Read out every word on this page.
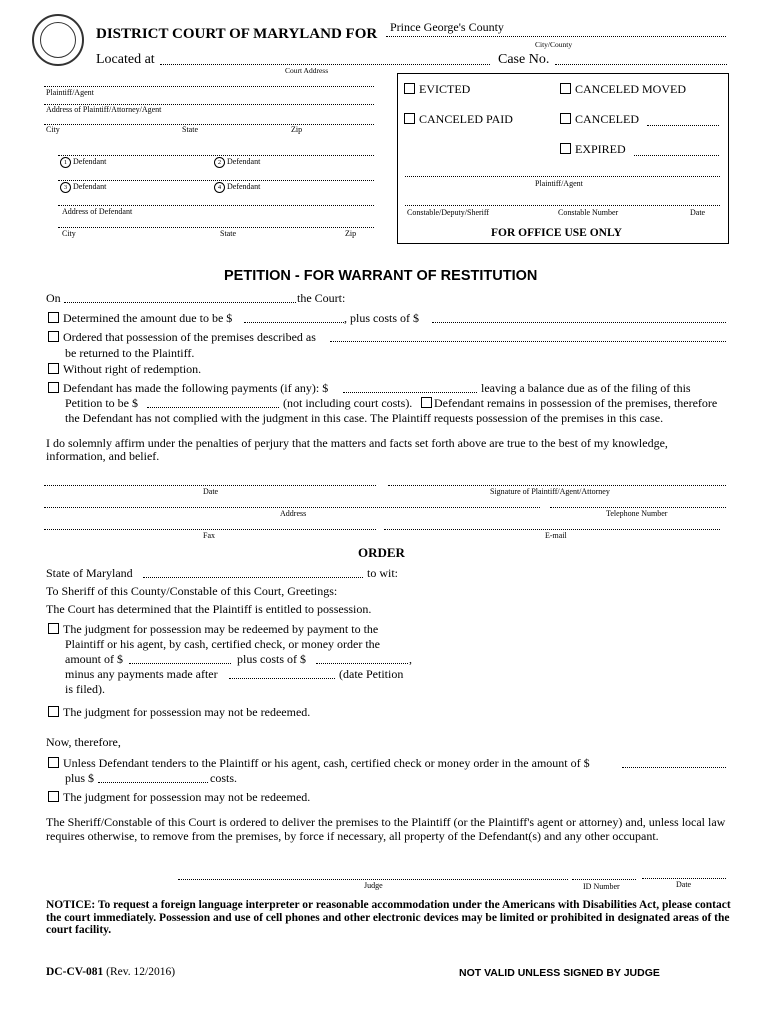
DISTRICT COURT OF MARYLAND FOR Prince George's County
City/County
Located at
Court Address
Case No.
Plaintiff/Agent
Address of Plaintiff/Attorney/Agent
City	State	Zip
1 Defendant	2 Defendant
3 Defendant	4 Defendant
Address of Defendant
City	State	Zip
EVICTED	CANCELED MOVED
CANCELED PAID	CANCELED
EXPIRED
Plaintiff/Agent
Constable/Deputy/Sheriff	Constable Number	Date
FOR OFFICE USE ONLY
PETITION - FOR WARRANT OF RESTITUTION
On	the Court:
Determined the amount due to be $	, plus costs of $
Ordered that possession of the premises described as
be returned to the Plaintiff.
Without right of redemption.
Defendant has made the following payments (if any): $	leaving a balance due as of the filing of this
Petition to be $	(not including court costs).	Defendant remains in possession of the premises, therefore
the Defendant has not complied with the judgment in this case. The Plaintiff requests possession of the premises in this case.
I do solemnly affirm under the penalties of perjury that the matters and facts set forth above are true to the best of my knowledge, information, and belief.
Date	Signature of Plaintiff/Agent/Attorney
Address	Telephone Number
Fax	E-mail
ORDER
State of Maryland	to wit:
To Sheriff of this County/Constable of this Court, Greetings:
The Court has determined that the Plaintiff is entitled to possession.
The judgment for possession may be redeemed by payment to the
Plaintiff or his agent, by cash, certified check, or money order the
amount of $	plus costs of $	,
minus any payments made after	(date Petition
is filed).
The judgment for possession may not be redeemed.
Now, therefore,
Unless Defendant tenders to the Plaintiff or his agent, cash, certified check or money order in the amount of $
plus $	costs.
The judgment for possession may not be redeemed.
The Sheriff/Constable of this Court is ordered to deliver the premises to the Plaintiff (or the Plaintiff's agent or attorney) and, unless local law requires otherwise, to remove from the premises, by force if necessary, all property of the Defendant(s) and any other occupant.
Judge	ID Number	Date
NOTICE: To request a foreign language interpreter or reasonable accommodation under the Americans with Disabilities Act, please contact the court immediately. Possession and use of cell phones and other electronic devices may be limited or prohibited in designated areas of the court facility.
DC-CV-081 (Rev. 12/2016)	NOT VALID UNLESS SIGNED BY JUDGE
